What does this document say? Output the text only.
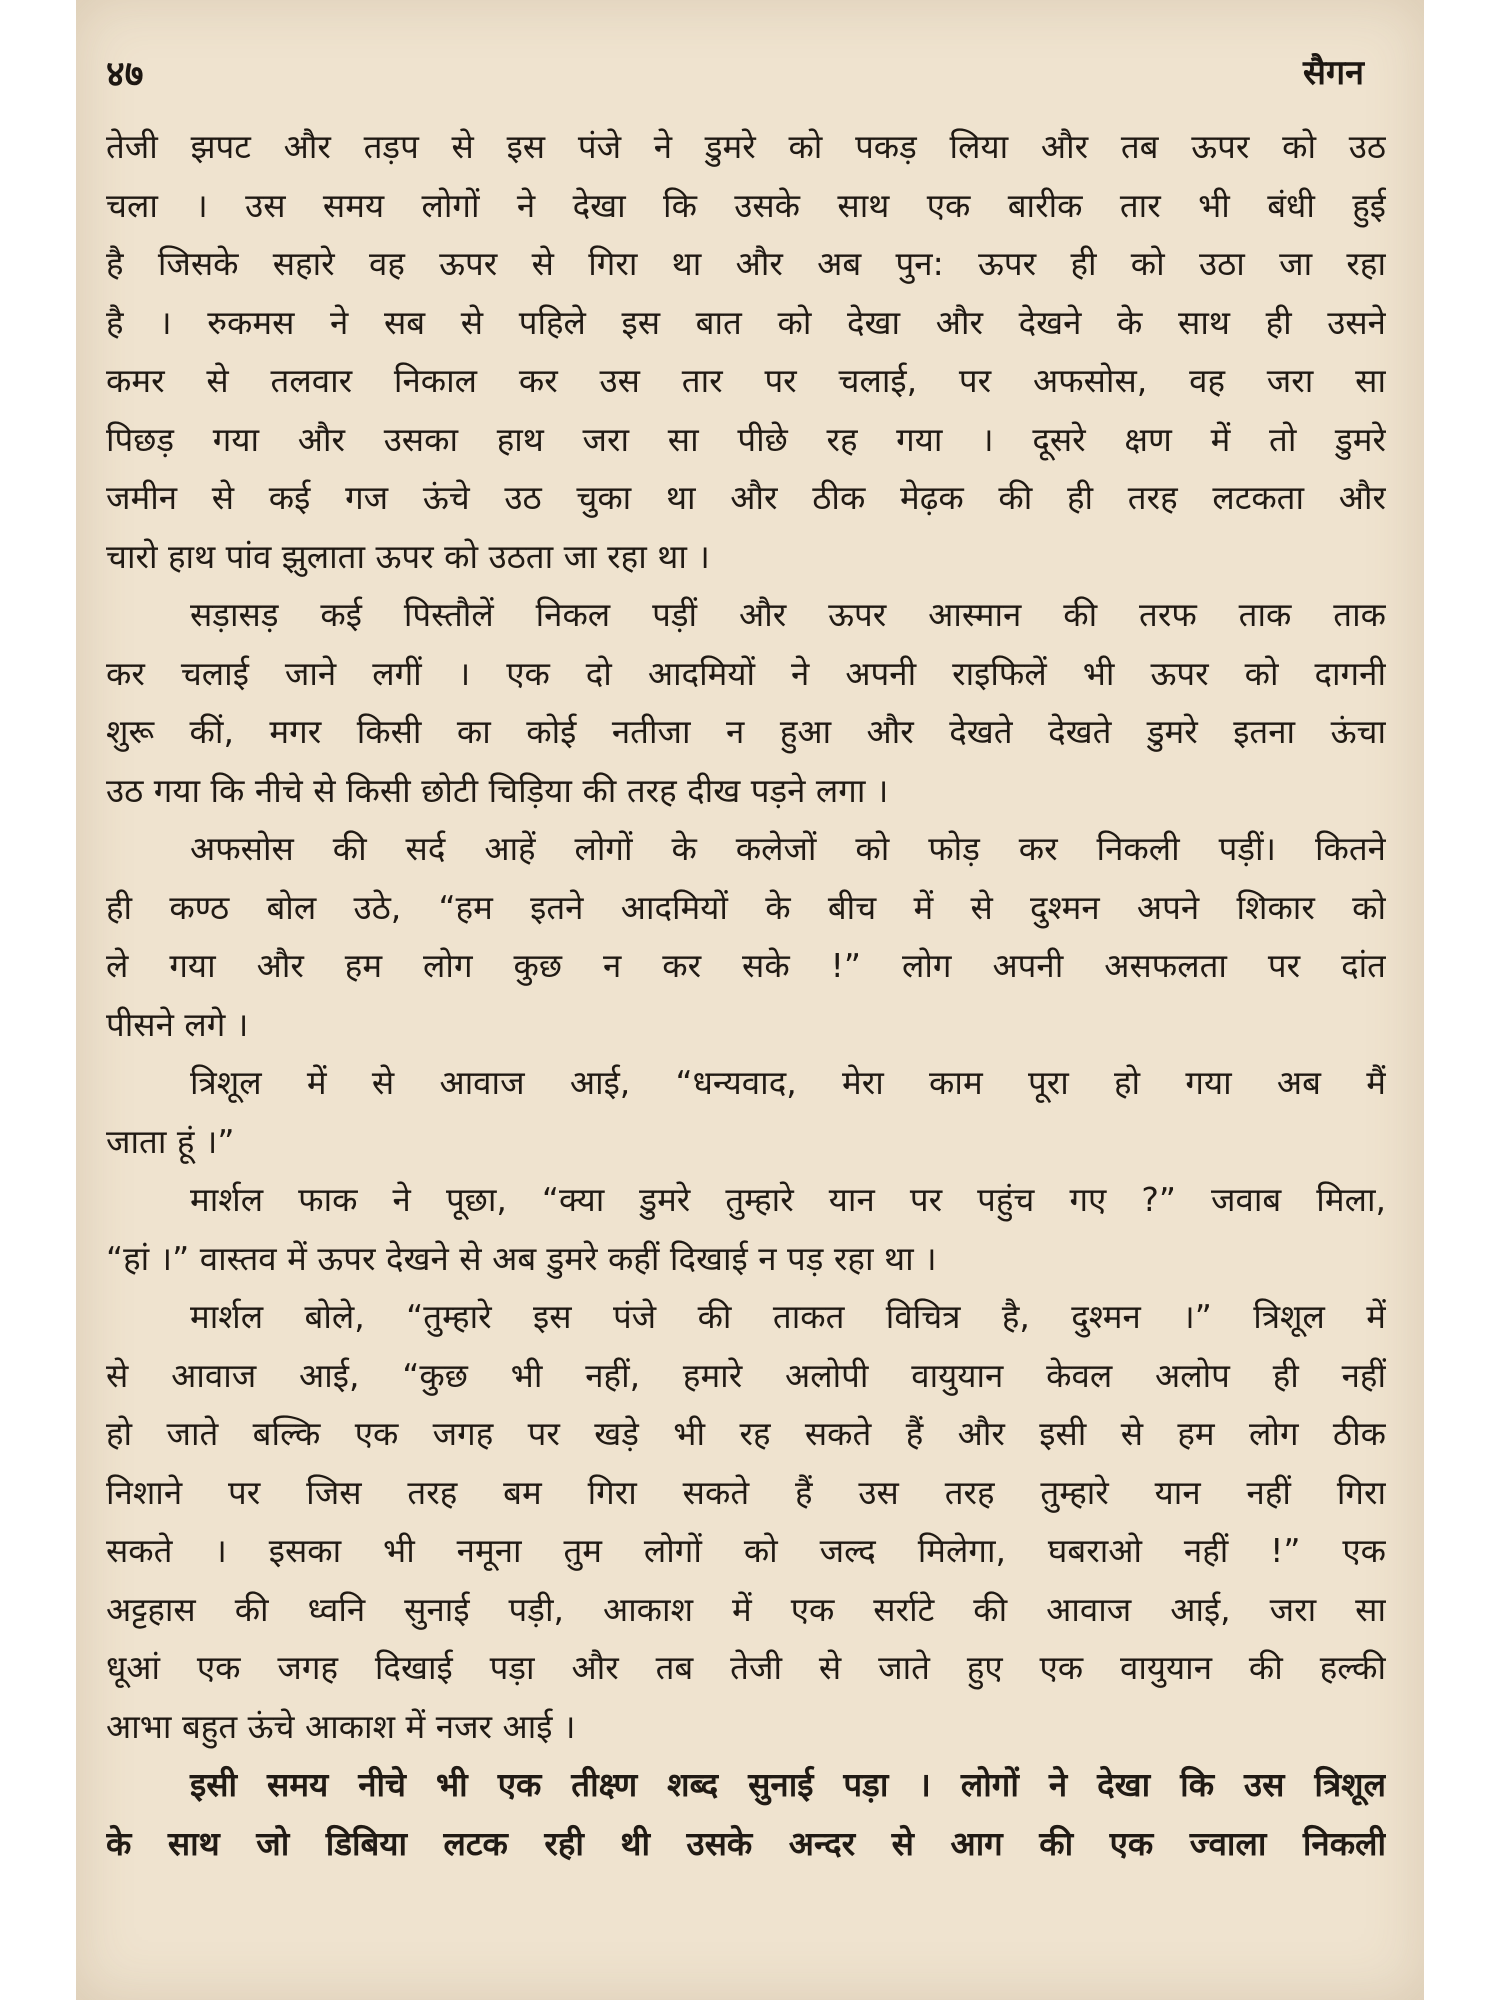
४७	सैगन
तेजी झपट और तड़प से इस पंजे ने डुमरे को पकड़ लिया और तब ऊपर को उठ
चला । उस समय लोगों ने देखा कि उसके साथ एक बारीक तार भी बंधी हुई
है जिसके सहारे वह ऊपर से गिरा था और अब पुन: ऊपर ही को उठा जा रहा
है । रुकमस ने सब से पहिले इस बात को देखा और देखने के साथ ही उसने
कमर से तलवार निकाल कर उस तार पर चलाई, पर अफसोस, वह जरा सा
पिछड़ गया और उसका हाथ जरा सा पीछे रह गया । दूसरे क्षण में तो डुमरे
जमीन से कई गज ऊंचे उठ चुका था और ठीक मेढ़क की ही तरह लटकता और
चारो हाथ पांव झुलाता ऊपर को उठता जा रहा था ।
सड़ासड़ कई पिस्तौलें निकल पड़ीं और ऊपर आस्मान की तरफ ताक ताक
कर चलाई जाने लगीं । एक दो आदमियों ने अपनी राइफिलें भी ऊपर को दागनी
शुरू कीं, मगर किसी का कोई नतीजा न हुआ और देखते देखते डुमरे इतना ऊंचा
उठ गया कि नीचे से किसी छोटी चिड़िया की तरह दीख पड़ने लगा ।
अफसोस की सर्द आहें लोगों के कलेजों को फोड़ कर निकली पड़ीं। कितने
ही कण्ठ बोल उठे, “हम इतने आदमियों के बीच में से दुश्मन अपने शिकार को
ले गया और हम लोग कुछ न कर सके !” लोग अपनी असफलता पर दांत
पीसने लगे ।
त्रिशूल में से आवाज आई, “धन्यवाद, मेरा काम पूरा हो गया अब मैं
जाता हूं ।”
मार्शल फाक ने पूछा, “क्या डुमरे तुम्हारे यान पर पहुंच गए ?” जवाब मिला,
“हां ।” वास्तव में ऊपर देखने से अब डुमरे कहीं दिखाई न पड़ रहा था ।
मार्शल बोले, “तुम्हारे इस पंजे की ताकत विचित्र है, दुश्मन ।” त्रिशूल में
से आवाज आई, “कुछ भी नहीं, हमारे अलोपी वायुयान केवल अलोप ही नहीं
हो जाते बल्कि एक जगह पर खड़े भी रह सकते हैं और इसी से हम लोग ठीक
निशाने पर जिस तरह बम गिरा सकते हैं उस तरह तुम्हारे यान नहीं गिरा
सकते । इसका भी नमूना तुम लोगों को जल्द मिलेगा, घबराओ नहीं !” एक
अट्टहास की ध्वनि सुनाई पड़ी, आकाश में एक सर्राटे की आवाज आई, जरा सा
धूआं एक जगह दिखाई पड़ा और तब तेजी से जाते हुए एक वायुयान की हल्की
आभा बहुत ऊंचे आकाश में नजर आई ।
इसी समय नीचे भी एक तीक्ष्ण शब्द सुनाई पड़ा । लोगों ने देखा कि उस त्रिशूल
के साथ जो डिबिया लटक रही थी उसके अन्दर से आग की एक ज्वाला निकली
